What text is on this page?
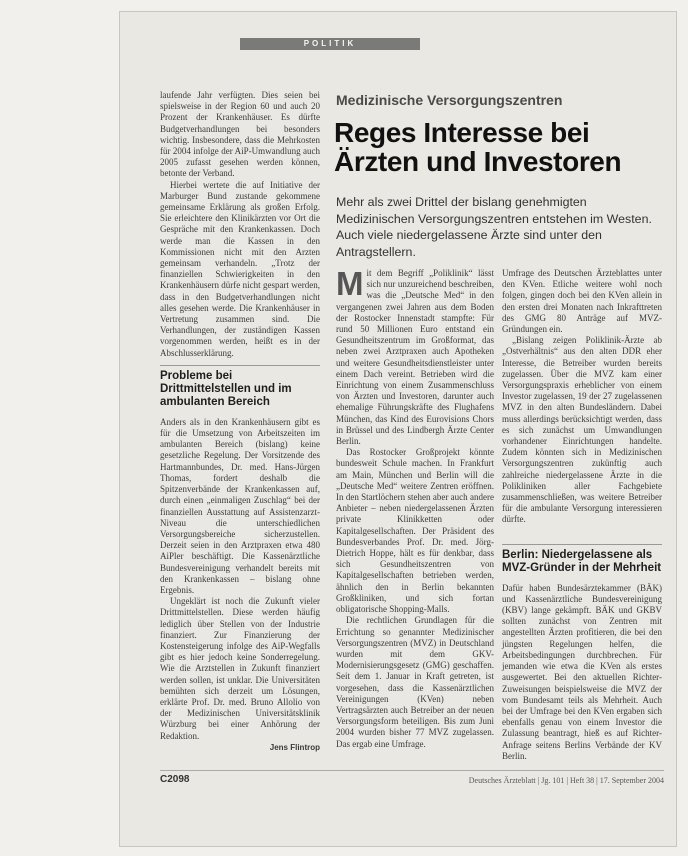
POLITIK

laufende Jahr verfügten. Dies seien bei spielsweise in der Region 60 und auch 20 Prozent der Krankenhäuser. Es dürfte Budgetverhandlungen bei besonders wichtig. Insbesondere, dass die Mehrkosten für 2004 infolge der AiP-Umwandlung auch 2005 zufasst gesehen werden können, betonte der Verband.

Hierbei wertete die auf Initiative der Marburger Bund zustande gekommene gemeinsame Erklärung als großen Erfolg. Sie erleichtere den Klinikärzten vor Ort die Gespräche mit den Krankenkassen. Doch werde man die Kassen in den Kommissionen nicht mit den Arzten gemeinsam verhandeln. „Trotz der finanziellen Schwierigkeiten in den Krankenhäusern dürfe nicht gespart werden, dass in den Budgetverhandlungen nicht alles gesehen werde. Die Krankenhäuser in Vertretung zusammen sind. Die Verhandlungen, der zuständigen Kassen vorgenommen werden, heißt es in der Abschlusserklärung.

Probleme bei Drittmittelstellen und im ambulanten Bereich

Anders als in den Krankenhäusern gibt es für die Umsetzung von Arbeitszeiten im ambulanten Bereich (bislang) keine gesetzliche Regelung. Der Vorsitzende des Hartmannbundes, Dr. med. Hans-Jürgen Thomas, fordert deshalb die Spitzenverbände der Krankenkassen auf, durch einen „einmaligen Zuschlag“ bei der finanziellen Ausstattung auf Assistenzarzt-Niveau die unterschiedlichen Versorgungsbereiche sicherzustellen. Derzeit seien in den Arztpraxen etwa 480 AiPler beschäftigt. Die Kassenärztliche Bundesvereinigung verhandelt bereits mit den Krankenkassen – bislang ohne Ergebnis.

Ungeklärt ist noch die Zukunft vieler Drittmittelstellen. Diese werden häufig lediglich über Stellen von der Industrie finanziert. Zur Finanzierung der Kostensteigerung infolge des AiP-Wegfalls gibt es hier jedoch keine Sonderregelung. Wie die Arztstellen in Zukunft finanziert werden sollen, ist unklar. Die Universitäten bemühten sich derzeit um Lösungen, erklärte Prof. Dr. med. Bruno Allolio von der Medizinischen Universitätsklinik Würzburg bei einer Anhörung der Redaktion.

Jens Flintrop
Medizinische Versorgungszentren
Reges Interesse bei Ärzten und Investoren
Mehr als zwei Drittel der bislang genehmigten Medizinischen Versorgungszentren entstehen im Westen. Auch viele niedergelassene Ärzte sind unter den Antragstellern.

Mit dem Begriff „Poliklinik“ lässt sich nur unzureichend beschreiben, was die „Deutsche Med“ in den vergangenen zwei Jahren aus dem Boden der Rostocker Innenstadt stampfte: Für rund 50 Millionen Euro entstand ein Gesundheitszentrum im Großformat, das neben zwei Arztpraxen auch Apotheken und weitere Gesundheitsdienstleister unter einem Dach vereint. Betrieben wird die Einrichtung von einem Zusammenschluss von Ärzten und Investoren, darunter auch ehemalige Führungskräfte des Flughafens München, das Kind des Eurovisions Chors in Brüssel und des Lindbergh Ärzte Center Berlin.

Das Rostocker Großprojekt könnte bundesweit Schule machen. In Frankfurt am Main, München und Berlin will die „Deutsche Med“ weitere Zentren eröffnen. In den Startlöchern stehen aber auch andere Anbieter – neben niedergelassenen Ärzten private Klinikketten oder Kapitalgesellschaften. Der Präsident des Bundesverbandes Prof. Dr. med. Jörg-Dietrich Hoppe, hält es für denkbar, dass sich Gesundheitszentren von Kapitalgesellschaften betrieben werden, ähnlich den in Berlin bekannten Großkliniken, und sich fortan obligatorische Shopping-Malls.

Die rechtlichen Grundlagen für die Errichtung so genannter Medizinischer Versorgungszentren (MVZ) in Deutschland wurden mit dem GKV-Modernisierungsgesetz (GMG) geschaffen. Seit dem 1. Januar in Kraft getreten, ist vorgesehen, dass die Kassenärztlichen Vereinigungen (KVen) neben Vertragsärzten auch Betreiber an der neuen Versorgungsform beteiligen. Bis zum Juni 2004 wurden bisher 77 MVZ zugelassen. Das ergab eine Umfrage.

Umfrage des Deutschen Ärzteblattes unter den KVen. Etliche weitere wohl noch folgen, gingen doch bei den KVen allein in den ersten drei Monaten nach Inkrafttreten des GMG 80 Anträge auf MVZ-Gründungen ein.

„Bislang zeigen Poliklinik-Ärzte ab „Ostverhältnis“ aus den alten DDR eher Interesse, die Betreiber wurden bereits zugelassen. Über die MVZ kam einer Versorgungspraxis erheblicher von einem Investor zugelassen, 19 der 27 zugelassenen MVZ in den alten Bundesländern. Dabei muss allerdings berücksichtigt werden, dass es sich zunächst um Umwandlungen vorhandener Einrichtungen handelte. Zudem könnten sich in Medizinischen Versorgungszentren zukünftig auch zahlreiche niedergelassene Ärzte in die Polikliniken aller Fachgebiete zusammenschließen, was weitere Betreiber für die ambulante Versorgung interessieren dürfte.

Berlin: Niedergelassene als MVZ-Gründer in der Mehrheit

Dafür haben Bundesärztekammer (BÄK) und Kassenärztliche Bundesvereinigung (KBV) lange gekämpft. BÄK und GKBV sollten zunächst von Zentren mit angestellten Ärzten profitieren, die bei den jüngsten Regelungen helfen, die Arbeitsbedingungen durchbrechen. Für jemanden wie etwa die KVen als erstes ausgewertet. Bei den aktuellen Richter-Zuweisungen beispielsweise die MVZ der vom Bundesamt teils als Mehrheit. Auch bei der Umfrage bei den KVen ergaben sich ebenfalls genau von einem Investor die Zulassung beantragt, hieß es auf Richter-Anfrage seitens Berlins Verbände der KV Berlin.

C2098	Deutsches Ärzteblatt | Jg. 101 | Heft 38 | 17. September 2004
